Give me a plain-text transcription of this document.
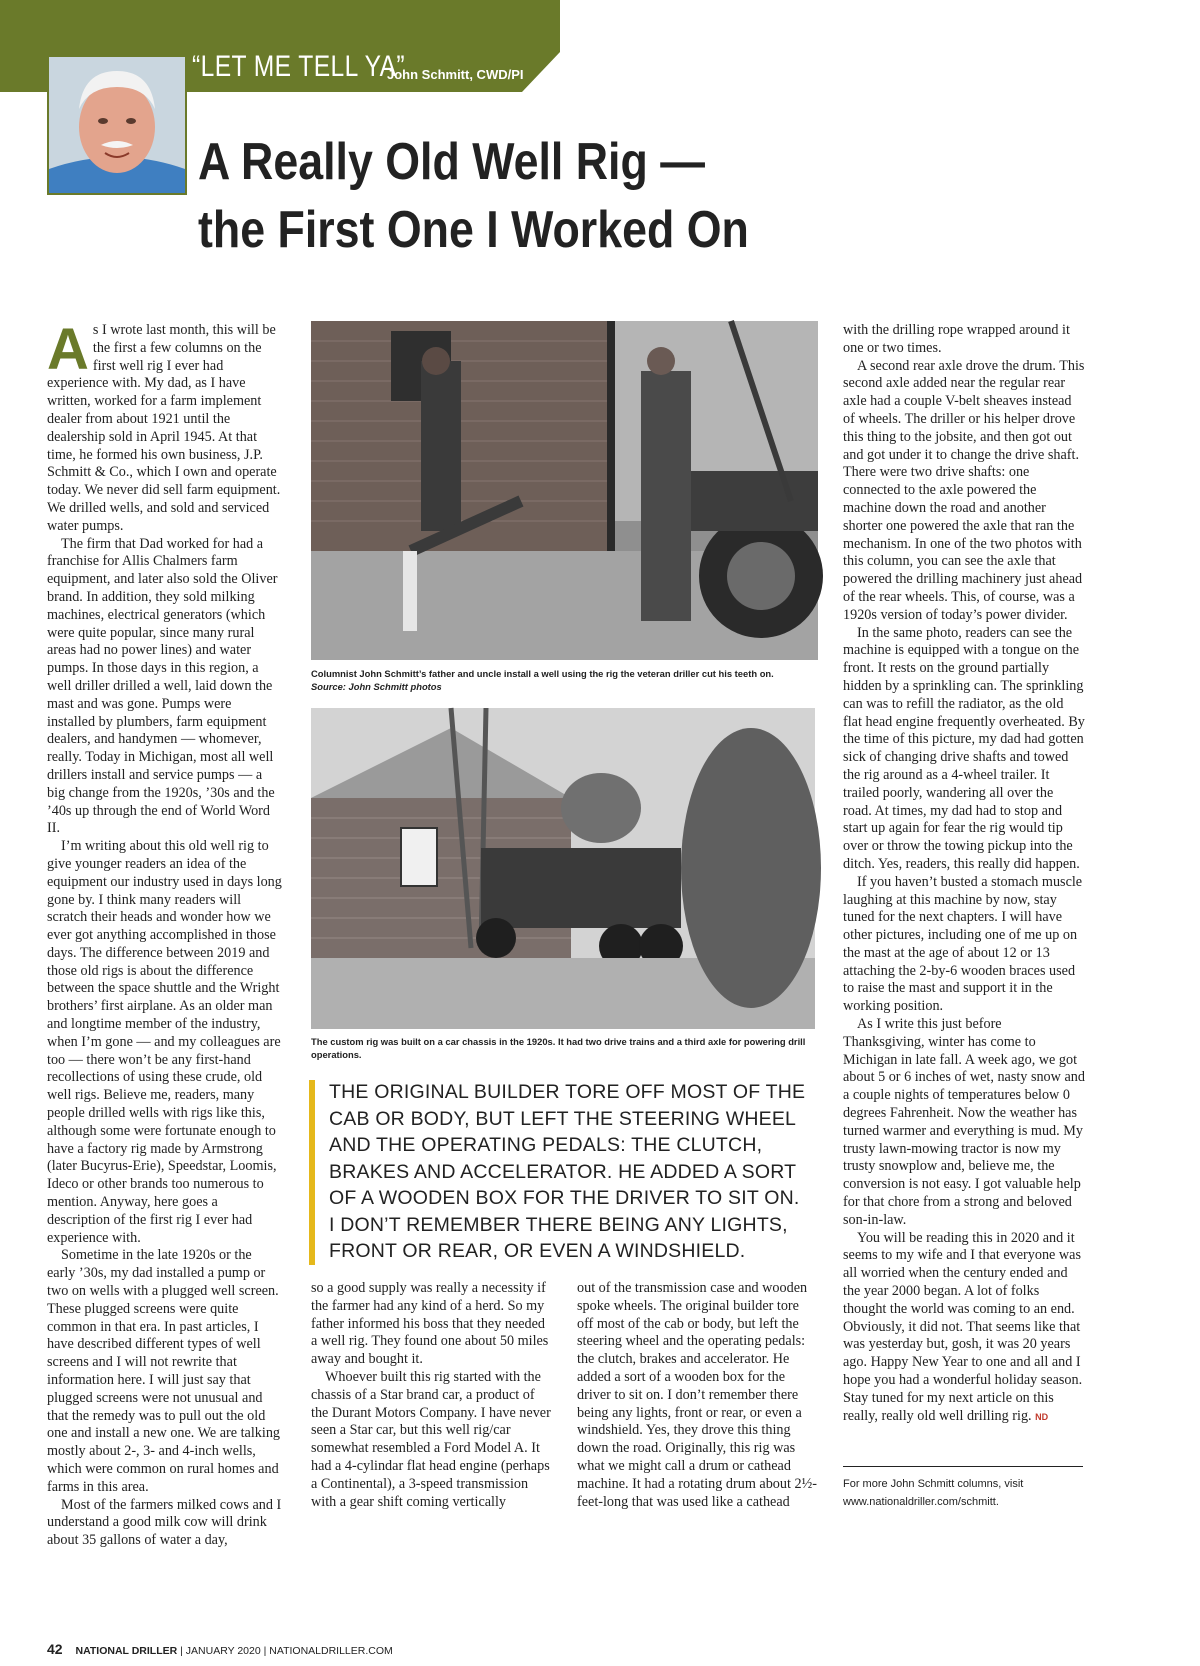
“LET ME TELL YA”
John Schmitt, CWD/PI
A Really Old Well Rig —
the First One I Worked On

As I wrote last month, this will be the first a few columns on the first well rig I ever had experience with. My dad, as I have written, worked for a farm implement dealer from about 1921 until the dealership sold in April 1945. At that time, he formed his own business, J.P. Schmitt & Co., which I own and operate today. We never did sell farm equipment. We drilled wells, and sold and serviced water pumps.

The firm that Dad worked for had a franchise for Allis Chalmers farm equipment, and later also sold the Oliver brand. In addition, they sold milking machines, electrical generators (which were quite popular, since many rural areas had no power lines) and water pumps. In those days in this region, a well driller drilled a well, laid down the mast and was gone. Pumps were installed by plumbers, farm equipment dealers, and handymen — whomever, really. Today in Michigan, most all well drillers install and service pumps — a big change from the 1920s, ’30s and the ’40s up through the end of World Word II.

I’m writing about this old well rig to give younger readers an idea of the equipment our industry used in days long gone by. I think many readers will scratch their heads and wonder how we ever got anything accomplished in those days. The difference between 2019 and those old rigs is about the difference between the space shuttle and the Wright brothers’ first airplane. As an older man and longtime member of the industry, when I’m gone — and my colleagues are too — there won’t be any first-hand recollections of using these crude, old well rigs. Believe me, readers, many people drilled wells with rigs like this, although some were fortunate enough to have a factory rig made by Armstrong (later Bucyrus-Erie), Speedstar, Loomis, Ideco or other brands too numerous to mention. Anyway, here goes a description of the first rig I ever had experience with.

Sometime in the late 1920s or the early ’30s, my dad installed a pump or two on wells with a plugged well screen. These plugged screens were quite common in that era. In past articles, I have described different types of well screens and I will not rewrite that information here. I will just say that plugged screens were not unusual and that the remedy was to pull out the old one and install a new one. We are talking mostly about 2-, 3- and 4-inch wells, which were common on rural homes and farms in this area.

Most of the farmers milked cows and I understand a good milk cow will drink about 35 gallons of water a day,

Columnist John Schmitt’s father and uncle install a well using the rig the veteran driller cut his teeth on.
Source: John Schmitt photos
The custom rig was built on a car chassis in the 1920s. It had two drive trains and a third axle for powering drill operations.
THE ORIGINAL BUILDER TORE OFF MOST OF THE CAB OR BODY, BUT LEFT THE STEERING WHEEL AND THE OPERATING PEDALS: THE CLUTCH, BRAKES AND ACCELERATOR. HE ADDED A SORT OF A WOODEN BOX FOR THE DRIVER TO SIT ON. I DON’T REMEMBER THERE BEING ANY LIGHTS, FRONT OR REAR, OR EVEN A WINDSHIELD.

so a good supply was really a necessity if the farmer had any kind of a herd. So my father informed his boss that they needed a well rig. They found one about 50 miles away and bought it.

Whoever built this rig started with the chassis of a Star brand car, a product of the Durant Motors Company. I have never seen a Star car, but this well rig/car somewhat resembled a Ford Model A. It had a 4-cylindar flat head engine (perhaps a Continental), a 3-speed transmission with a gear shift coming vertically

out of the transmission case and wooden spoke wheels. The original builder tore off most of the cab or body, but left the steering wheel and the operating pedals: the clutch, brakes and accelerator. He added a sort of a wooden box for the driver to sit on. I don’t remember there being any lights, front or rear, or even a windshield. Yes, they drove this thing down the road. Originally, this rig was what we might call a drum or cathead machine. It had a rotating drum about 2½-feet-long that was used like a cathead

with the drilling rope wrapped around it one or two times.

A second rear axle drove the drum. This second axle added near the regular rear axle had a couple V-belt sheaves instead of wheels. The driller or his helper drove this thing to the jobsite, and then got out and got under it to change the drive shaft. There were two drive shafts: one connected to the axle powered the machine down the road and another shorter one powered the axle that ran the mechanism. In one of the two photos with this column, you can see the axle that powered the drilling machinery just ahead of the rear wheels. This, of course, was a 1920s version of today’s power divider.

In the same photo, readers can see the machine is equipped with a tongue on the front. It rests on the ground partially hidden by a sprinkling can. The sprinkling can was to refill the radiator, as the old flat head engine frequently overheated. By the time of this picture, my dad had gotten sick of changing drive shafts and towed the rig around as a 4-wheel trailer. It trailed poorly, wandering all over the road. At times, my dad had to stop and start up again for fear the rig would tip over or throw the towing pickup into the ditch. Yes, readers, this really did happen.

If you haven’t busted a stomach muscle laughing at this machine by now, stay tuned for the next chapters. I will have other pictures, including one of me up on the mast at the age of about 12 or 13 attaching the 2-by-6 wooden braces used to raise the mast and support it in the working position.

As I write this just before Thanksgiving, winter has come to Michigan in late fall. A week ago, we got about 5 or 6 inches of wet, nasty snow and a couple nights of temperatures below 0 degrees Fahrenheit. Now the weather has turned warmer and everything is mud. My trusty lawn-mowing tractor is now my trusty snowplow and, believe me, the conversion is not easy. I got valuable help for that chore from a strong and beloved son-in-law.

You will be reading this in 2020 and it seems to my wife and I that everyone was all worried when the century ended and the year 2000 began. A lot of folks thought the world was coming to an end. Obviously, it did not. That seems like that was yesterday but, gosh, it was 20 years ago. Happy New Year to one and all and I hope you had a wonderful holiday season. Stay tuned for my next article on this really, really old well drilling rig. ND

For more John Schmitt columns, visit www.nationaldriller.com/schmitt.
42 NATIONAL DRILLER | JANUARY 2020 | NATIONALDRILLER.COM
